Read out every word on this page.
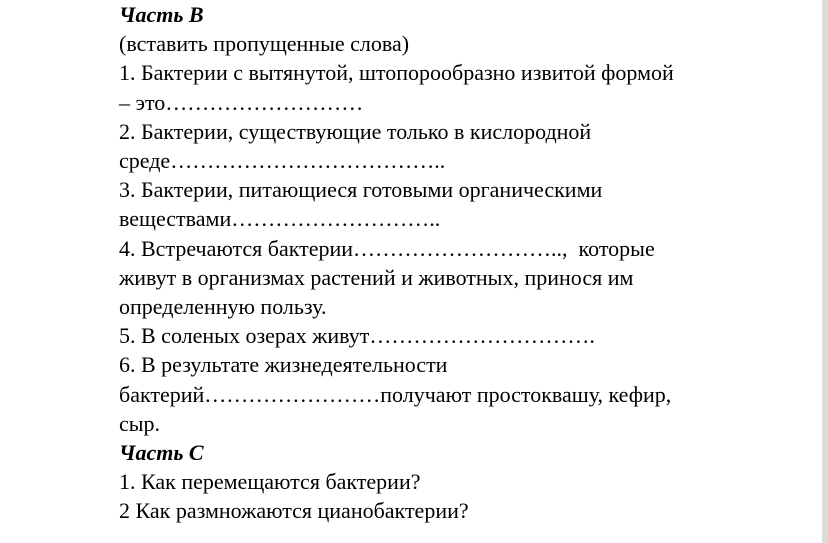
Часть В
(вставить пропущенные слова)
1. Бактерии с вытянутой, штопорообразно извитой формой
– это………………………
2. Бактерии, существующие только в кислородной
среде………………………………..
3. Бактерии, питающиеся готовыми органическими
веществами………………………..
4. Встречаются бактерии………………………..,  которые
живут в организмах растений и животных, принося им
определенную пользу.
5. В соленых озерах живут………………………….
6. В результате жизнедеятельности
бактерий……………………получают простоквашу, кефир,
сыр.
Часть С
1. Как перемещаются бактерии?
2 Как размножаются цианобактерии?
